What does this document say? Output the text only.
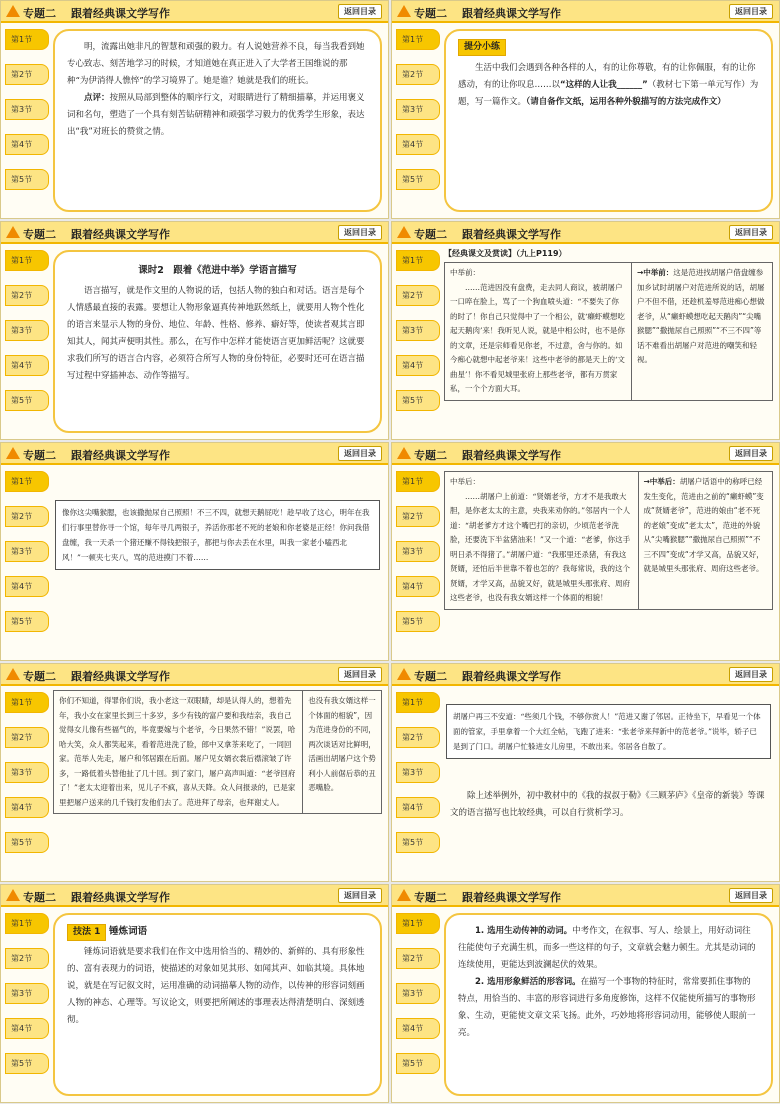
专题二 跟着经典课文学写作	返回目录
第1节
第2节
第3节
第4节
第5节

明，流露出她非凡的智慧和顽强的毅力。有人说她营养不良，每当我看到她专心致志、刻苦地学习的时候，才知道她在真正进入了大学者王国维说的那种“为伊消得人憔悴”的学习境界了。她是谁？她就是我们的班长。

点评：按照从局部到整体的顺序行文，对眼睛进行了精细描摹，并运用褒义词和名句，塑造了一个具有刻苦钻研精神和顽强学习毅力的优秀学生形象，表达出“我”对班长的赞赏之情。

专题二 跟着经典课文学写作	返回目录
第1节
第2节
第3节
第4节
第5节
提分小练

生活中我们会遇到各种各样的人，有的让你尊敬，有的让你佩服，有的让你感动，有的让你叹息……以“这样的人让我______”（教材七下第一单元写作）为题，写一篇作文。（请自备作文纸，运用各种外貌描写的方法完成作文）

专题二 跟着经典课文学写作	返回目录
第1节
第2节
第3节
第4节
第5节
课时2　跟着《范进中举》学语言描写

语言描写，就是作文里的人物说的话，包括人物的独白和对话。语言是每个人情感最直接的表露。要想让人物形象逼真传神地跃然纸上，就要用人物个性化的语言来显示人物的身份、地位、年龄、性格、修养、癖好等，使读者观其言即知其人，闻其声便明其性。那么，在写作中怎样才能使语言更加鲜活呢？这就要求我们所写的语言合内容，必须符合所写人物的身份特征，必要时还可在语言描写过程中穿插神态、动作等描写。

专题二 跟着经典课文学写作	返回目录
第1节
第2节
第3节
第4节
第5节
【经典课文及赏读】（九上P119）
中举前：
……范进因没有盘费，走去同人商议，被胡屠户一口啐在脸上，骂了一个狗血喷头道：“不要失了你的时了！你自己只觉得中了一个相公，就‘癞虾蟆想吃起天鹅肉’来！我听见人说，就是中相公时，也不是你的文章，还是宗师看见你老，不过意，舍与你的。如今痴心就想中起老爷来！这些中老爷的都是天上的‘文曲星’！你不看见城里张府上那些老爷，都有万贯家私，一个个方面大耳。
	→中举前：这是范进找胡屠户借盘缠参加乡试时胡屠户对范进所说的话，胡屠户不但不借，还趁机羞辱范进痴心想做老爷，从“癞虾蟆想吃起天鹅肉”“尖嘴猴腮”“撒抛尿自己照照”“不三不四”等话不难看出胡屠户对范进的嘲笑和轻视。
专题二 跟着经典课文学写作	返回目录
第1节
第2节
第3节
第4节
第5节
像你这尖嘴猴腮，也该撒抛尿自己照照！不三不四，就想天鹅屁吃！趁早收了这心，明年在我们行事里替你寻一个馆，每年寻几两银子，养活你那老不死的老娘和你老婆是正经！你问我借盘缠，我一天杀一个猪还赚不得钱把银子，都把与你去丢在水里，叫我一家老小嗑西北风！”一顿夹七夹八，骂的范进摸门不着……
专题二 跟着经典课文学写作	返回目录
第1节
第2节
第3节
第4节
第5节
中举后：
……胡屠户上前道：“贤婿老爷，方才不是我敢大胆，是你老太太的主意，央我来劝你的。”邻居内一个人道：“胡老爹方才这个嘴巴打的亲切，少顷范老爷洗脸，还要洗下半盆猪油来！”又一个道：“老爹，你这手明日杀不得猪了。”胡屠户道：“我那里还杀猪，有我这贤婿，还怕后半世靠不着也怎的？我每常说，我的这个贤婿，才学又高，品貌又好，就是城里头那张府、周府这些老爷，也没有我女婿这样一个体面的相貌！
	→中举后：胡屠户话语中的称呼已经发生变化，范进由之前的“癞虾蟆”变成“贤婿老爷”，范进的娘由“老不死的老娘”变成“老太太”，范进的外貌从“尖嘴猴腮”“撒抛尿自己照照”“不三不四”变成“才学又高，品貌又好，就是城里头那张府、周府这些老爷。
专题二 跟着经典课文学写作	返回目录
第1节
第2节
第3节
第4节
第5节
你们不知道，得罪你们说，我小老这一双眼睛，却是认得人的，想着先年，我小女在家里长到三十多岁，多少有钱的富户要和我结亲，我自己觉得女儿像有些福气的，毕竟要嫁与个老爷，今日果然不错！”说罢，哈哈大笑，众人都笑起来，看着范进洗了脸，郎中又拿茶来吃了，一同回家。范举人先走，屠户和邻居跟在后面。屠户见女婿衣裳后襟滚皱了许多，一路低着头替他扯了几十回。到了家门，屠户高声叫道：“老爷回府了！”老太太迎着出来，见儿子不疯，喜从天降。众人问报录的，已是家里把屠户送来的几千钱打发他们去了。范进拜了母亲，也拜谢丈人。	也没有我女婿这样一个体面的相貌”，因为范进身份的不同，两次谈话对比鲜明，活画出胡屠户这个势利小人前倨后恭的丑恶嘴脸。
专题二 跟着经典课文学写作	返回目录
第1节
第2节
第3节
第4节
第5节
胡屠户再三不安道：“些须几个钱，不够你赏人！”范进又谢了邻居。正待坐下，早看见一个体面的管家，手里拿着一个大红全帖，飞跑了进来：“张老爷来拜新中的范老爷。”说毕，轿子已是到了门口。胡屠户忙躲进女儿房里，不敢出来。邻居各自散了。

除上述举例外，初中教材中的《我的叔叔于勒》《三顾茅庐》《皇帝的新装》等课文的语言描写也比较经典，可以自行赏析学习。

专题二 跟着经典课文学写作	返回目录
第1节
第2节
第3节
第4节
第5节
技法 1 锤炼词语

锤炼词语就是要求我们在作文中选用恰当的、精妙的、新鲜的、具有形象性的、富有表现力的词语，使描述的对象如见其形、如闻其声、如临其境。具体地说，就是在写记叙文时，运用准确的动词描摹人物的动作，以传神的形容词刻画人物的神态、心理等。写议论文，则要把所阐述的事理表达得清楚明白、深刻透彻。

专题二 跟着经典课文学写作	返回目录
第1节
第2节
第3节
第4节
第5节

1. 选用生动传神的动词。中考作文，在叙事、写人、绘景上，用好动词往往能使句子充满生机，而多一些这样的句子，文章就会魅力顿生。尤其是动词的连续使用，更能达到波澜起伏的效果。

2. 选用形象鲜活的形容词。在描写一个事物的特征时，常常要抓住事物的特点，用恰当的、丰富的形容词进行多角度修饰，这样不仅能使所描写的事物形象、生动，更能使文章文采飞扬。此外，巧妙地将形容词动用，能够使人眼前一亮。
